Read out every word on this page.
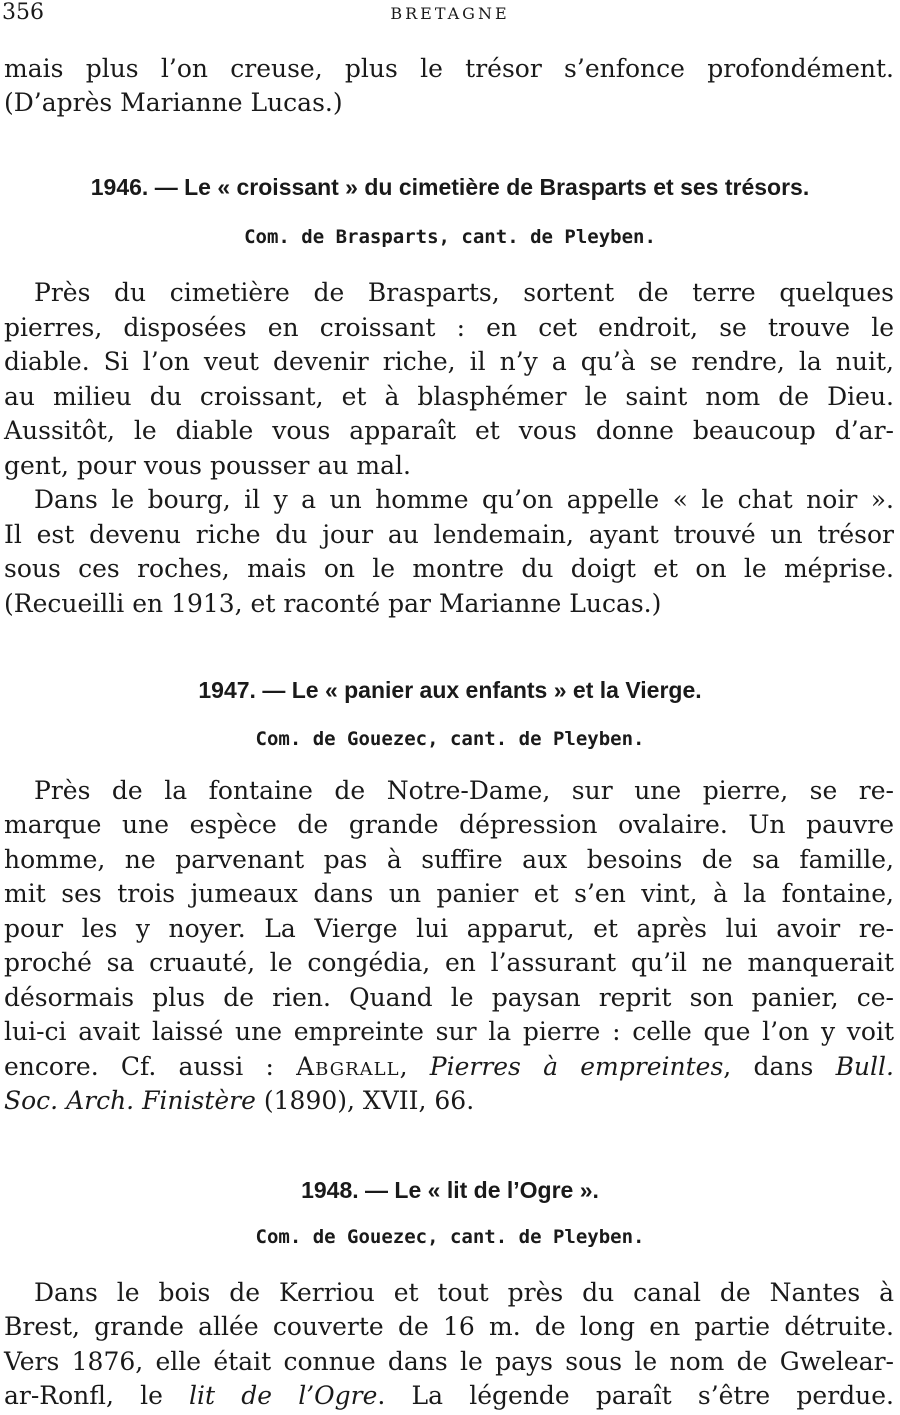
356	BRETAGNE
mais plus l’on creuse, plus le trésor s’enfonce profondément.
(D’après Marianne Lucas.)
1946. — Le « croissant » du cimetière de Brasparts et ses trésors.
Com. de Brasparts, cant. de Pleyben.
Près du cimetière de Brasparts, sortent de terre quelques
pierres, disposées en croissant : en cet endroit, se trouve le
diable. Si l’on veut devenir riche, il n’y a qu’à se rendre, la nuit,
au milieu du croissant, et à blasphémer le saint nom de Dieu.
Aussitôt, le diable vous apparaît et vous donne beaucoup d’ar-
gent, pour vous pousser au mal.
Dans le bourg, il y a un homme qu’on appelle « le chat noir ».
Il est devenu riche du jour au lendemain, ayant trouvé un trésor
sous ces roches, mais on le montre du doigt et on le méprise.
(Recueilli en 1913, et raconté par Marianne Lucas.)
1947. — Le « panier aux enfants » et la Vierge.
Com. de Gouezec, cant. de Pleyben.
Près de la fontaine de Notre-Dame, sur une pierre, se re-
marque une espèce de grande dépression ovalaire. Un pauvre
homme, ne parvenant pas à suffire aux besoins de sa famille,
mit ses trois jumeaux dans un panier et s’en vint, à la fontaine,
pour les y noyer. La Vierge lui apparut, et après lui avoir re-
proché sa cruauté, le congédia, en l’assurant qu’il ne manquerait
désormais plus de rien. Quand le paysan reprit son panier, ce-
lui-ci avait laissé une empreinte sur la pierre : celle que l’on y voit
encore. Cf. aussi : Abgrall, Pierres à empreintes, dans Bull.
Soc. Arch. Finistère (1890), XVII, 66.
1948. — Le « lit de l’Ogre ».
Com. de Gouezec, cant. de Pleyben.
Dans le bois de Kerriou et tout près du canal de Nantes à
Brest, grande allée couverte de 16 m. de long en partie détruite.
Vers 1876, elle était connue dans le pays sous le nom de Gwelear-
ar-Ronfl, le lit de l’Ogre. La légende paraît s’être perdue.
